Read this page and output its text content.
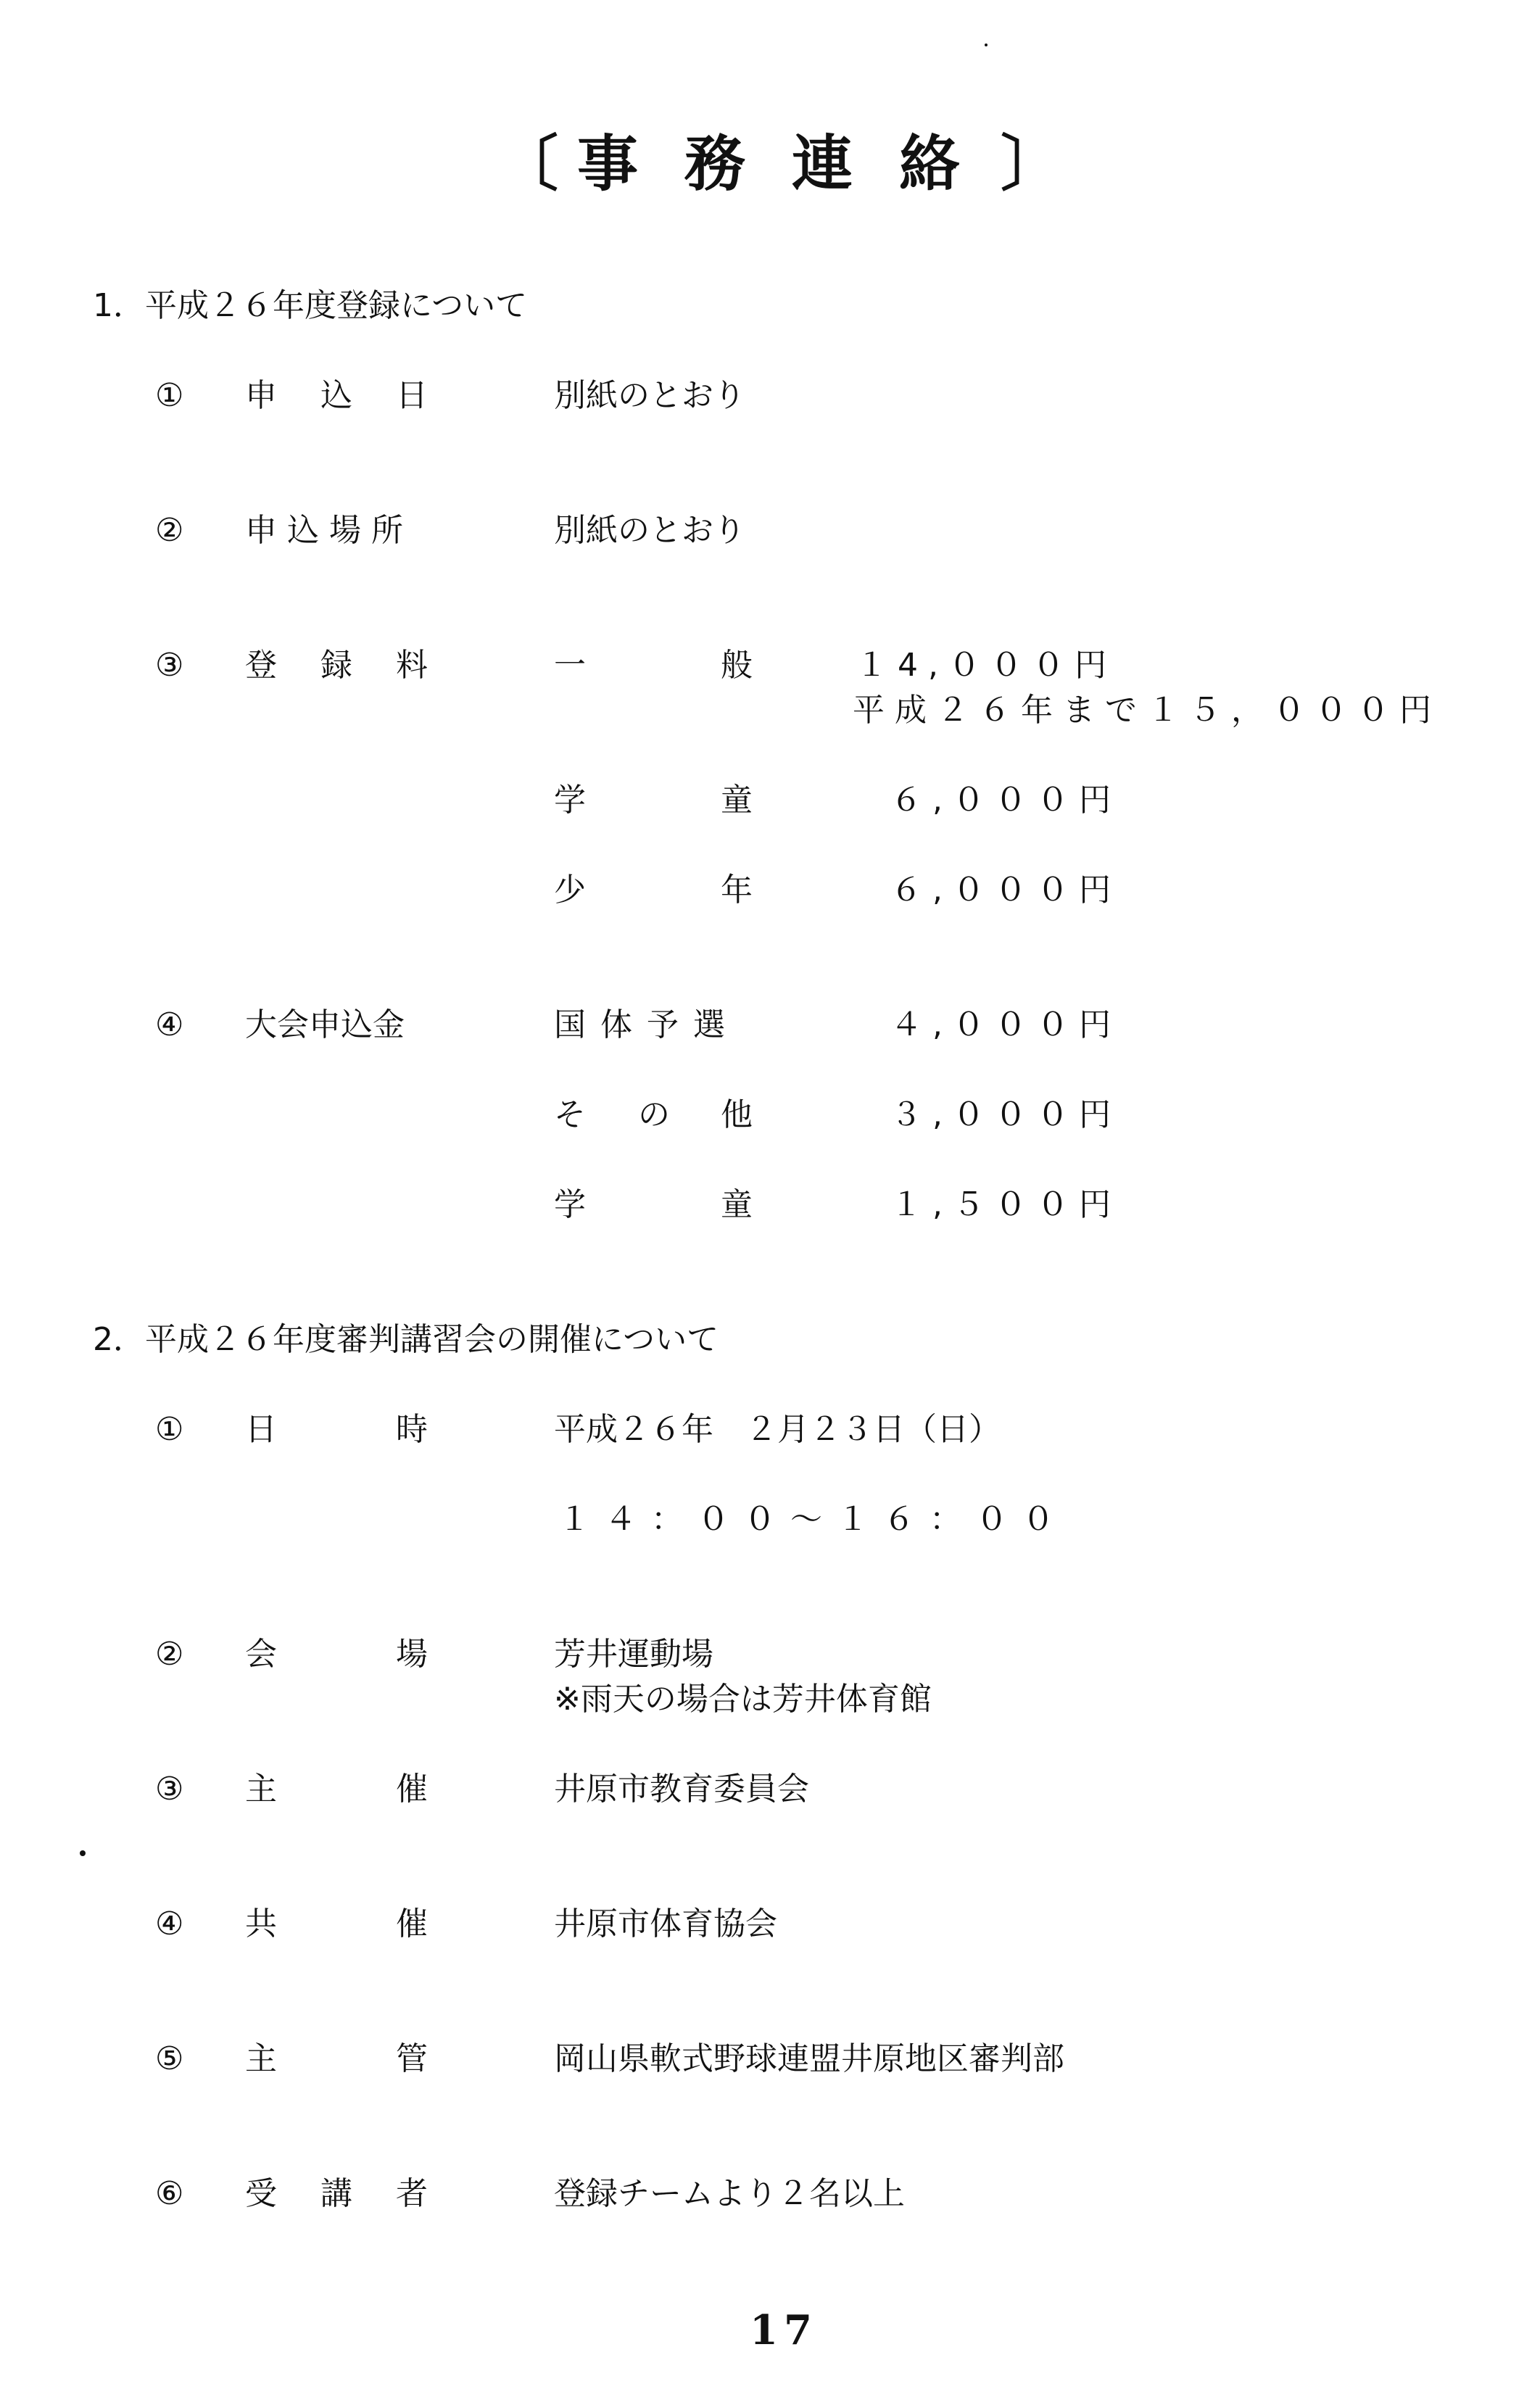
〔 事 務 連 絡 〕
1．平成２６年度登録について
① 申 込 日	別紙のとおり
② 申込場所	別紙のとおり
③ 登 録 料	一	般	１4,０００円
平成２６年まで１５，０００円
学	童	６,０００円
少	年	６,０００円
④ 大会申込金	国体予選	４,０００円
そ の 他	３,０００円
学	童	１,５００円
2．平成２６年度審判講習会の開催について
① 日	時	平成２６年　２月２３日（日）
１４：００～１６：００
② 会	場	芳井運動場
※雨天の場合は芳井体育館
③ 主	催	井原市教育委員会
④ 共	催	井原市体育協会
⑤ 主	管	岡山県軟式野球連盟井原地区審判部
⑥ 受 講 者	登録チームより２名以上
17
